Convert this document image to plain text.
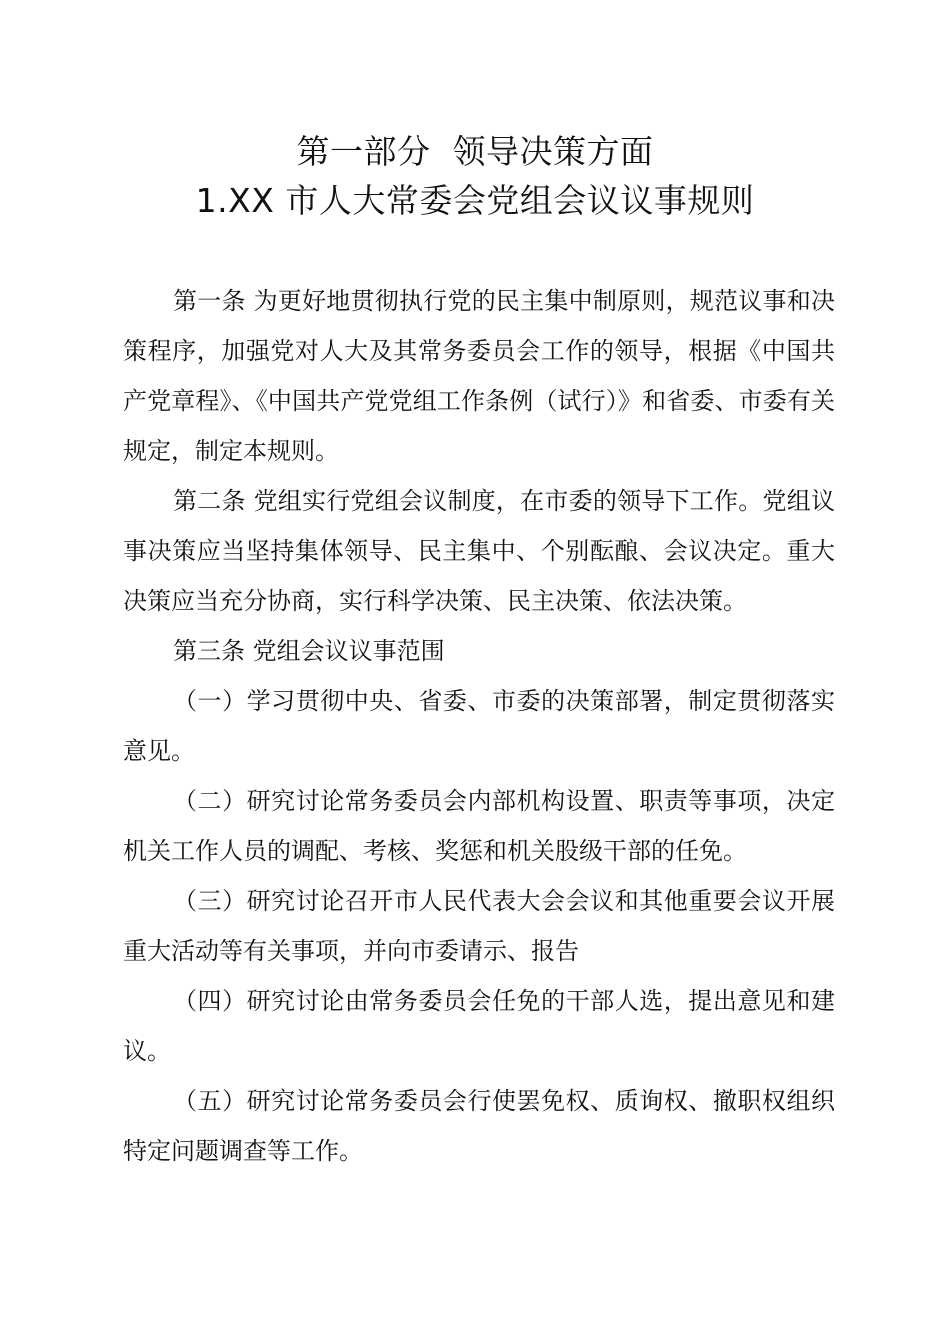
第一部分  领导决策方面
1.XX 市人大常委会党组会议议事规则

第一条 为更好地贯彻执行党的民主集中制原则，规范议事和决策程序，加强党对人大及其常务委员会工作的领导，根据《中国共产党章程》、《中国共产党党组工作条例（试行）》和省委、市委有关规定，制定本规则。

第二条 党组实行党组会议制度，在市委的领导下工作。党组议事决策应当坚持集体领导、民主集中、个别酝酿、会议决定。重大决策应当充分协商，实行科学决策、民主决策、依法决策。

第三条 党组会议议事范围

（一）学习贯彻中央、省委、市委的决策部署，制定贯彻落实意见。

（二）研究讨论常务委员会内部机构设置、职责等事项，决定机关工作人员的调配、考核、奖惩和机关股级干部的任免。

（三）研究讨论召开市人民代表大会会议和其他重要会议开展重大活动等有关事项，并向市委请示、报告

（四）研究讨论由常务委员会任免的干部人选，提出意见和建议。

（五）研究讨论常务委员会行使罢免权、质询权、撤职权组织特定问题调查等工作。
